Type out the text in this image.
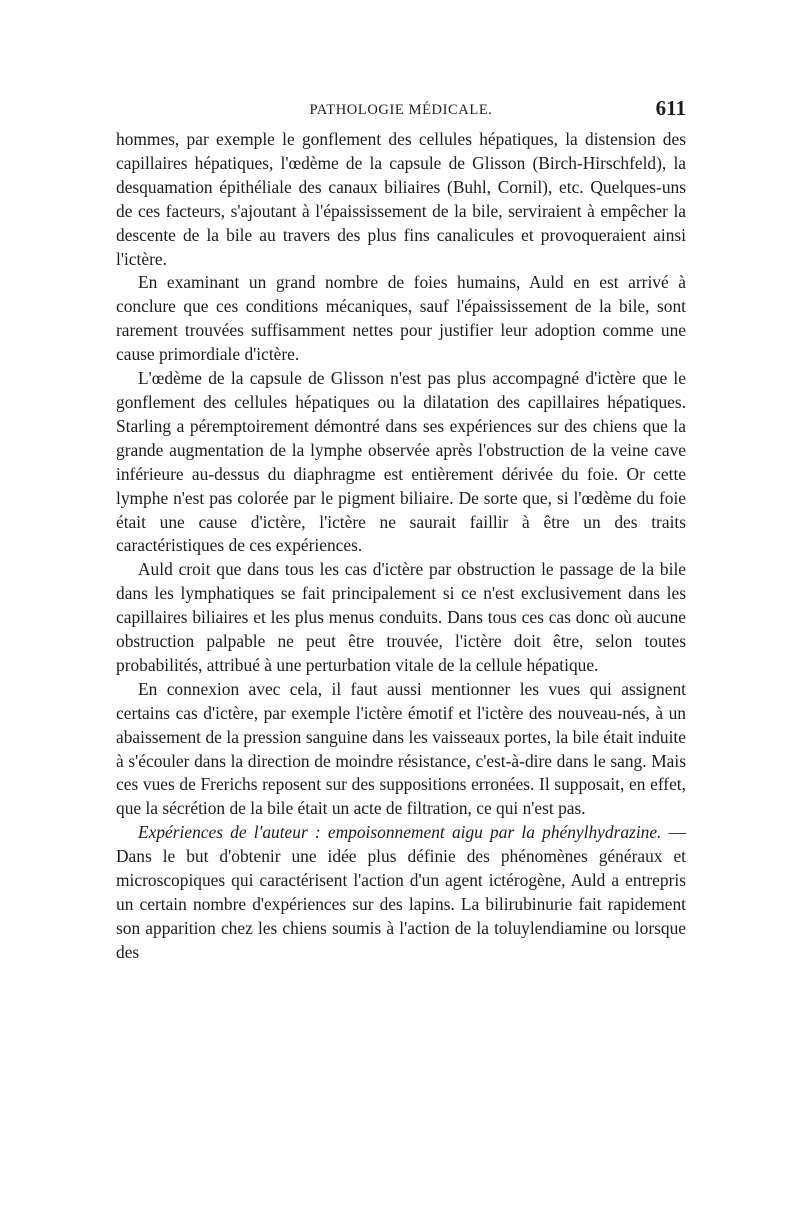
PATHOLOGIE MÉDICALE.	611

hommes, par exemple le gonflement des cellules hépatiques, la distension des capillaires hépatiques, l'œdème de la capsule de Glisson (Birch-Hirschfeld), la desquamation épithéliale des canaux biliaires (Buhl, Cornil), etc. Quelques-uns de ces facteurs, s'ajoutant à l'épaississement de la bile, serviraient à empêcher la descente de la bile au travers des plus fins canalicules et provoqueraient ainsi l'ictère.

En examinant un grand nombre de foies humains, Auld en est arrivé à conclure que ces conditions mécaniques, sauf l'épaississement de la bile, sont rarement trouvées suffisamment nettes pour justifier leur adoption comme une cause primordiale d'ictère.

L'œdème de la capsule de Glisson n'est pas plus accompagné d'ictère que le gonflement des cellules hépatiques ou la dilatation des capillaires hépatiques. Starling a péremptoirement démontré dans ses expériences sur des chiens que la grande augmentation de la lymphe observée après l'obstruction de la veine cave inférieure au-dessus du diaphragme est entièrement dérivée du foie. Or cette lymphe n'est pas colorée par le pigment biliaire. De sorte que, si l'œdème du foie était une cause d'ictère, l'ictère ne saurait faillir à être un des traits caractéristiques de ces expériences.

Auld croit que dans tous les cas d'ictère par obstruction le passage de la bile dans les lymphatiques se fait principalement si ce n'est exclusivement dans les capillaires biliaires et les plus menus conduits. Dans tous ces cas donc où aucune obstruction palpable ne peut être trouvée, l'ictère doit être, selon toutes probabilités, attribué à une perturbation vitale de la cellule hépatique.

En connexion avec cela, il faut aussi mentionner les vues qui assignent certains cas d'ictère, par exemple l'ictère émotif et l'ictère des nouveau-nés, à un abaissement de la pression sanguine dans les vaisseaux portes, la bile était induite à s'écouler dans la direction de moindre résistance, c'est-à-dire dans le sang. Mais ces vues de Frerichs reposent sur des suppositions erronées. Il supposait, en effet, que la sécrétion de la bile était un acte de filtration, ce qui n'est pas.

Expériences de l'auteur : empoisonnement aigu par la phénylhydrazine. — Dans le but d'obtenir une idée plus définie des phénomènes généraux et microscopiques qui caractérisent l'action d'un agent ictérogène, Auld a entrepris un certain nombre d'expériences sur des lapins. La bilirubinurie fait rapidement son apparition chez les chiens soumis à l'action de la toluylendiamine ou lorsque des
